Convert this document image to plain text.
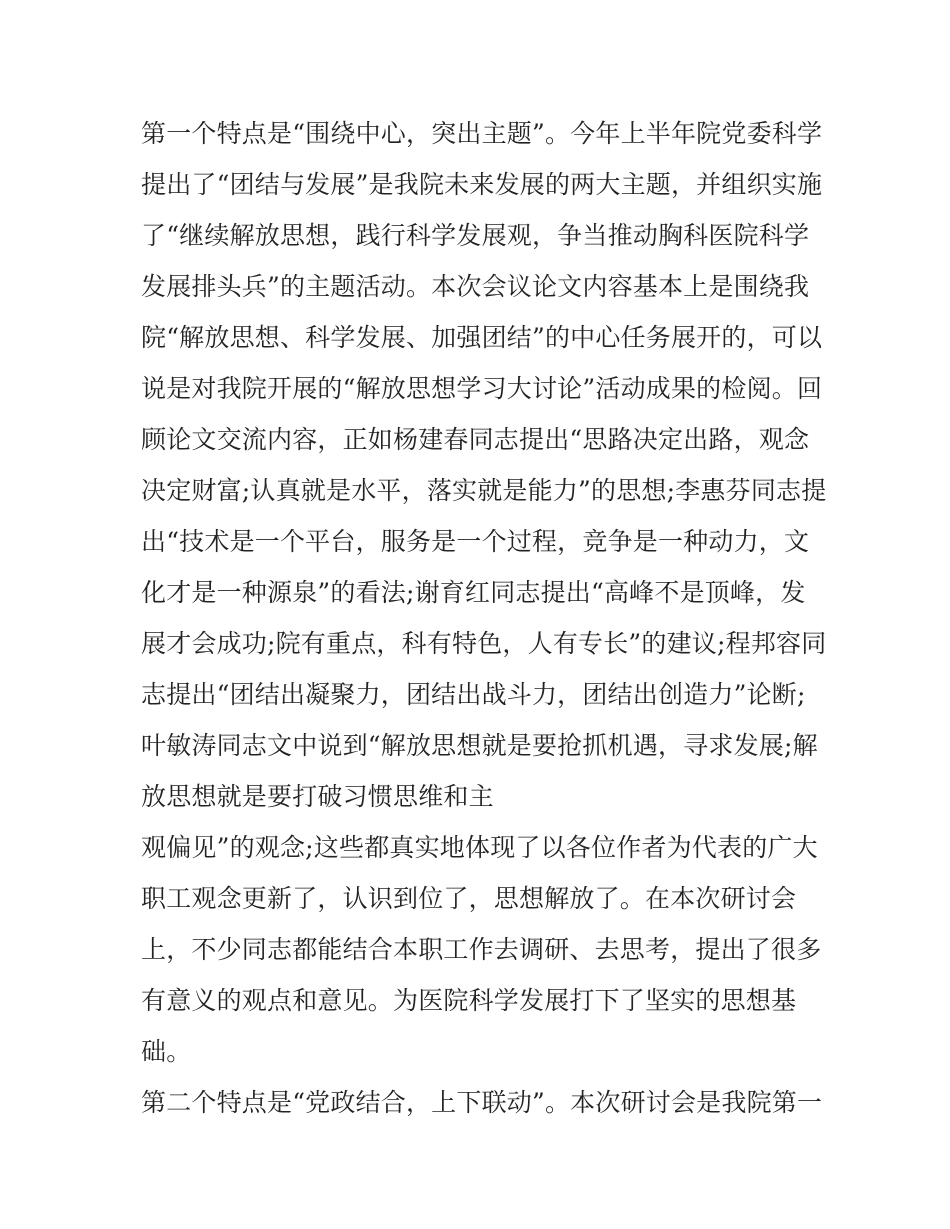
第一个特点是“围绕中心，突出主题”。今年上半年院党委科学
提出了“团结与发展”是我院未来发展的两大主题，并组织实施
了“继续解放思想，践行科学发展观，争当推动胸科医院科学
发展排头兵”的主题活动。本次会议论文内容基本上是围绕我
院“解放思想、科学发展、加强团结”的中心任务展开的，可以
说是对我院开展的“解放思想学习大讨论”活动成果的检阅。回
顾论文交流内容，正如杨建春同志提出“思路决定出路，观念
决定财富;认真就是水平，落实就是能力”的思想;李惠芬同志提
出“技术是一个平台，服务是一个过程，竞争是一种动力，文
化才是一种源泉”的看法;谢育红同志提出“高峰不是顶峰，发
展才会成功;院有重点，科有特色，人有专长”的建议;程邦容同
志提出“团结出凝聚力，团结出战斗力，团结出创造力”论断;
叶敏涛同志文中说到“解放思想就是要抢抓机遇，寻求发展;解
放思想就是要打破习惯思维和主
观偏见”的观念;这些都真实地体现了以各位作者为代表的广大
职工观念更新了，认识到位了，思想解放了。在本次研讨会
上，不少同志都能结合本职工作去调研、去思考，提出了很多
有意义的观点和意见。为医院科学发展打下了坚实的思想基
础。
第二个特点是“党政结合，上下联动”。本次研讨会是我院第一
